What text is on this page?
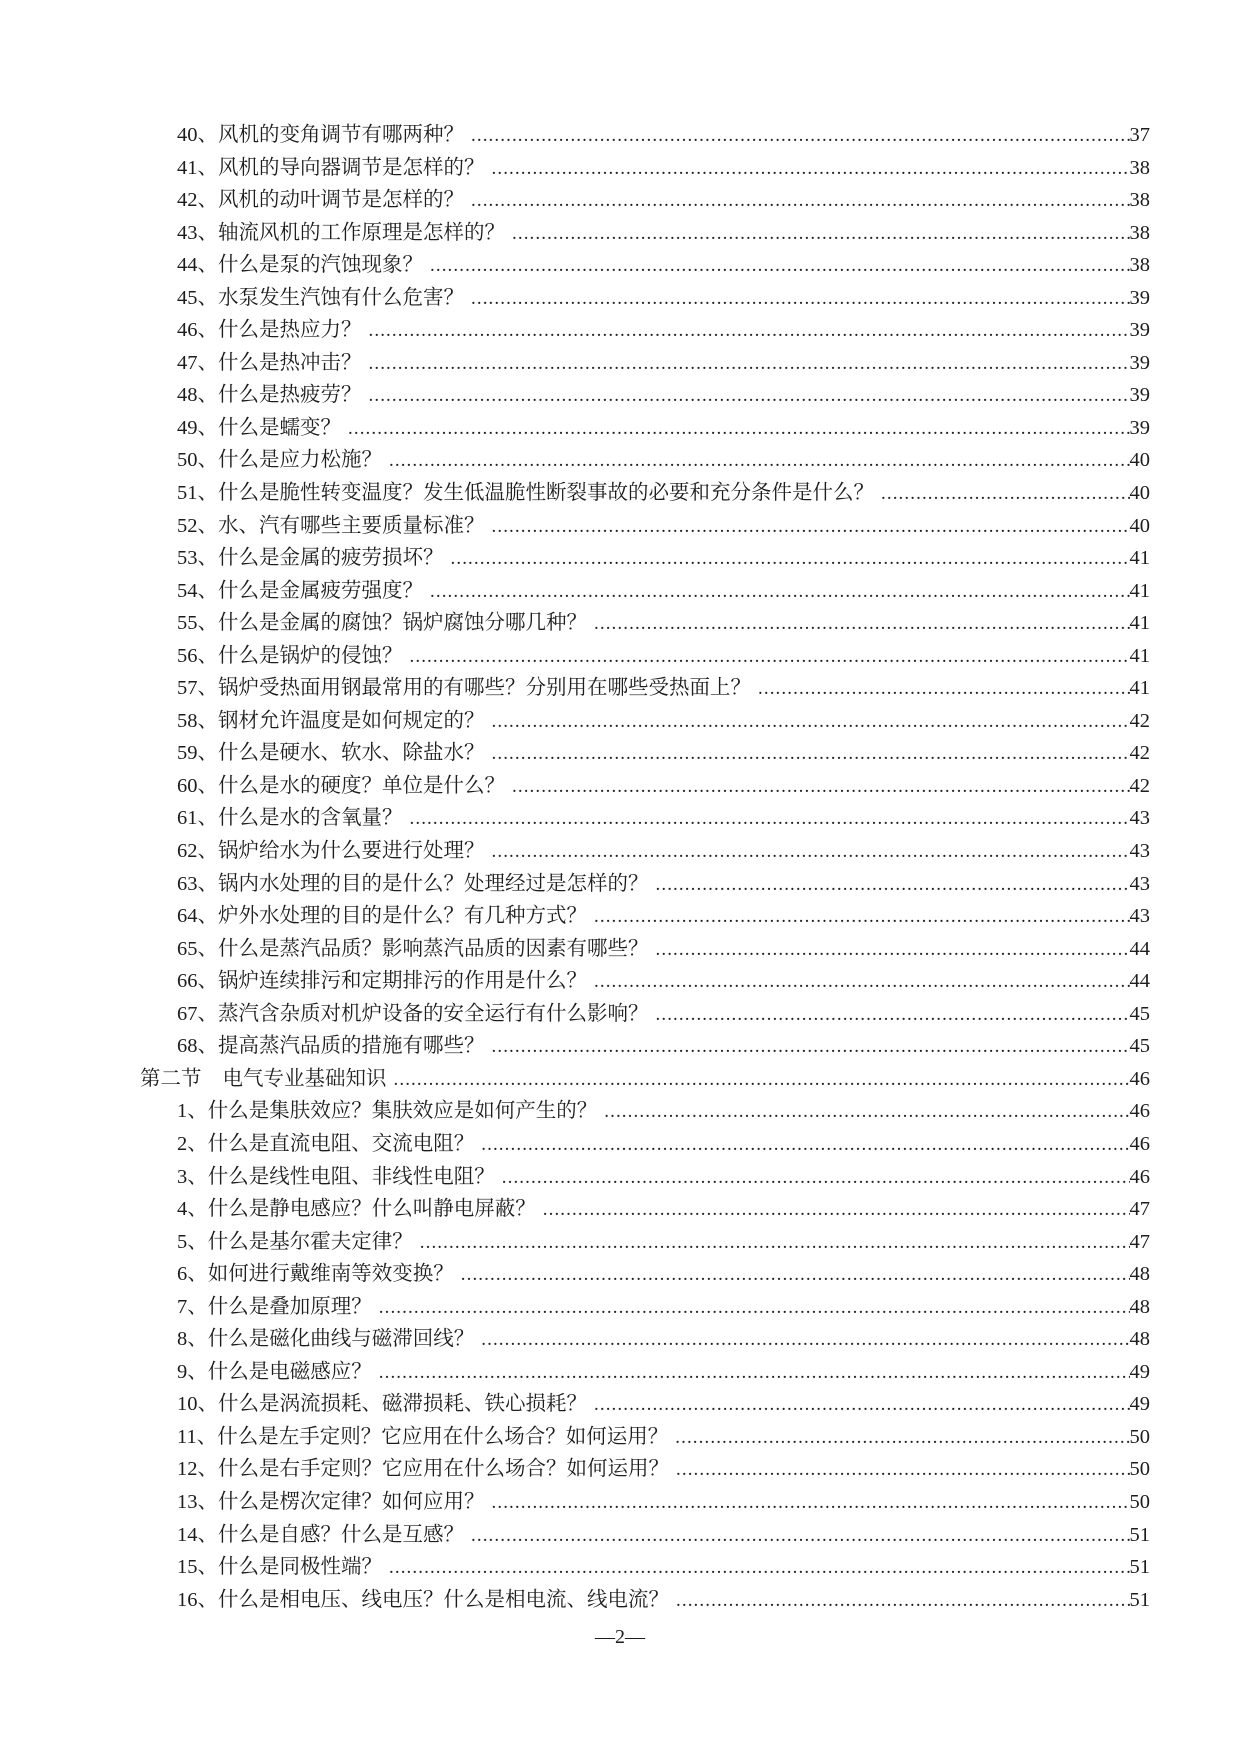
40、 风机的变角调节有哪两种？ .....	37
41、 风机的导向器调节是怎样的？ .....	38
42、 风机的动叶调节是怎样的？ .....	38
43、 轴流风机的工作原理是怎样的？ .....	38
44、 什么是泵的汽蚀现象？ .....	38
45、 水泵发生汽蚀有什么危害？ .....	39
46、 什么是热应力？ .....	39
47、 什么是热冲击？ .....	39
48、 什么是热疲劳？ .....	39
49、 什么是蠕变？ .....	39
50、 什么是应力松施？ .....	40
51、 什么是脆性转变温度？发生低温脆性断裂事故的必要和充分条件是什么？ .....	40
52、 水、汽有哪些主要质量标准？ .....	40
53、 什么是金属的疲劳损坏？ .....	41
54、 什么是金属疲劳强度？ .....	41
55、 什么是金属的腐蚀？锅炉腐蚀分哪几种？ .....	41
56、 什么是锅炉的侵蚀？ .....	41
57、 锅炉受热面用钢最常用的有哪些？分别用在哪些受热面上？ .....	41
58、 钢材允许温度是如何规定的？ .....	42
59、 什么是硬水、软水、除盐水？ .....	42
60、 什么是水的硬度？单位是什么？ .....	42
61、 什么是水的含氧量？ .....	43
62、 锅炉给水为什么要进行处理？ .....	43
63、 锅内水处理的目的是什么？处理经过是怎样的？ .....	43
64、 炉外水处理的目的是什么？有几种方式？ .....	43
65、 什么是蒸汽品质？影响蒸汽品质的因素有哪些？ .....	44
66、 锅炉连续排污和定期排污的作用是什么？ .....	44
67、 蒸汽含杂质对机炉设备的安全运行有什么影响？ .....	45
68、 提高蒸汽品质的措施有哪些？ .....	45
第二节 电气专业基础知识 .....	46
1、 什么是集肤效应？集肤效应是如何产生的？ .....	46
2、 什么是直流电阻、交流电阻？ .....	46
3、 什么是线性电阻、非线性电阻？ .....	46
4、 什么是静电感应？什么叫静电屏蔽？ .....	47
5、 什么是基尔霍夫定律？ .....	47
6、 如何进行戴维南等效变换？ .....	48
7、 什么是叠加原理？ .....	48
8、 什么是磁化曲线与磁滞回线？ .....	48
9、 什么是电磁感应？ .....	49
10、 什么是涡流损耗、磁滞损耗、铁心损耗？ .....	49
11、 什么是左手定则？它应用在什么场合？如何运用？ .....	50
12、 什么是右手定则？它应用在什么场合？如何运用？ .....	50
13、 什么是楞次定律？如何应用？ .....	50
14、 什么是自感？什么是互感？ .....	51
15、 什么是同极性端？ .....	51
16、 什么是相电压、线电压？什么是相电流、线电流？ .....	51
—2—
